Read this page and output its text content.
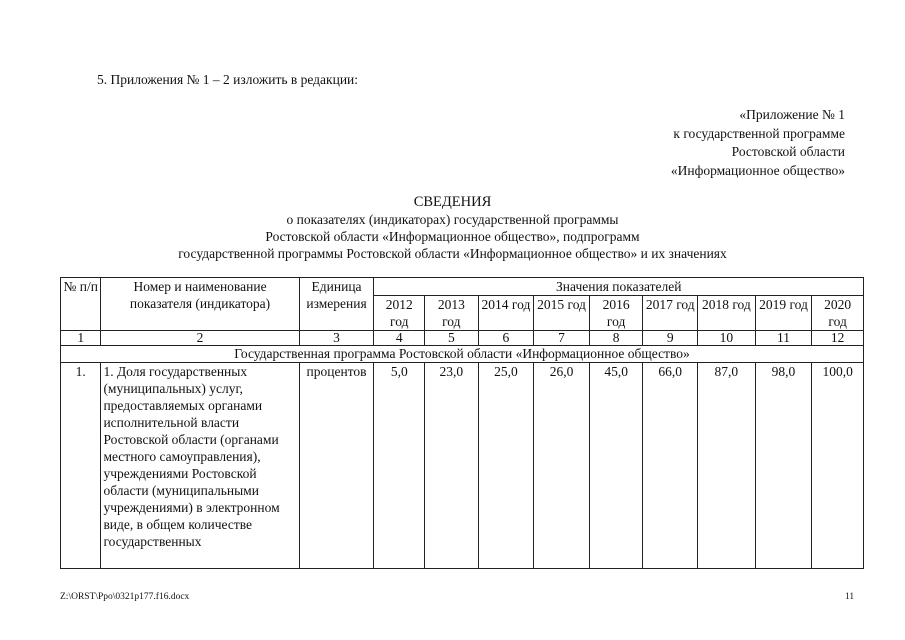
5. Приложения № 1 – 2 изложить в редакции:
«Приложение № 1
к государственной программе
Ростовской области
«Информационное общество»
СВЕДЕНИЯ
о показателях (индикаторах) государственной программы
Ростовской области «Информационное общество», подпрограмм
государственной программы Ростовской области «Информационное общество» и их значениях
№ п/п	Номер и наименование показателя (индикатора)	Единица измерения	Значения показателей								
			2012 год	2013 год	2014 год	2015 год	2016 год	2017 год	2018 год	2019 год	2020 год
1	2	3	4	5	6	7	8	9	10	11	12
Государственная программа Ростовской области «Информационное общество»											
1.	1. Доля государственных (муниципальных) услуг, предоставляемых органами исполнительной власти Ростовской области (органами местного самоуправления), учреждениями Ростовской области (муниципальными учреждениями) в электронном виде, в общем количестве государственных	процентов	5,0	23,0	25,0	26,0	45,0	66,0	87,0	98,0	100,0
Z:\ORST\Ppo\0321p177.f16.docx	11
